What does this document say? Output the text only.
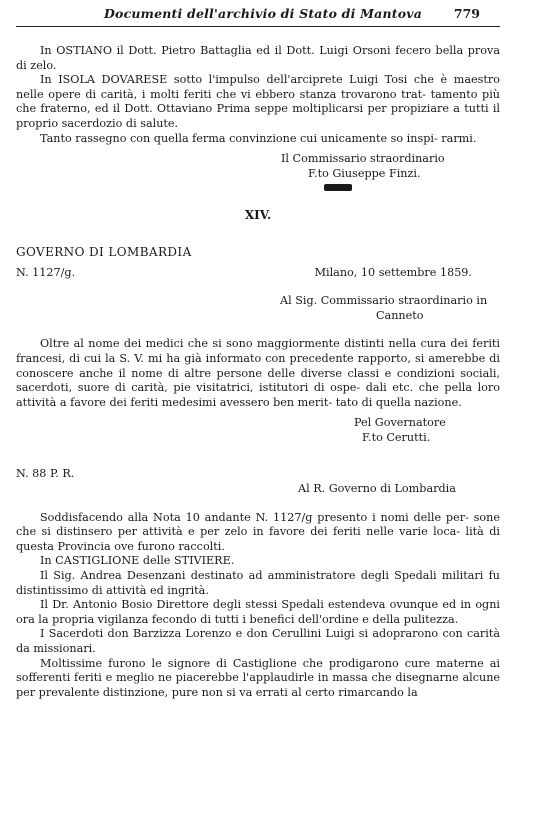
Documenti dell'archivio di Stato di Mantova	779

In OSTIANO il Dott. Pietro Battaglia ed il Dott. Luigi Orsoni fecero bella prova di zelo.

In ISOLA DOVARESE sotto l'impulso dell'arciprete Luigi Tosi che è maestro nelle opere di carità, i molti feriti che vi ebbero stanza trovarono trat- tamento più che fraterno, ed il Dott. Ottaviano Prima seppe moltiplicarsi per propiziare a tutti il proprio sacerdozio di salute.

Tanto rassegno con quella ferma convinzione cui unicamente so inspi- rarmi.

Il Commissario straordinario

F.to Giuseppe Finzi.

XIV.

GOVERNO DI LOMBARDIA

N. 1127/g.	Milano, 10 settembre 1859.

Al Sig. Commissario straordinario in

Canneto

Oltre al nome dei medici che si sono maggiormente distinti nella cura dei feriti francesi, di cui la S. V. mi ha già informato con precedente rapporto, si amerebbe di conoscere anche il nome di altre persone delle diverse classi e condizioni sociali, sacerdoti, suore di carità, pie visitatrici, istitutori di ospe- dali etc. che pella loro attività a favore dei feriti medesimi avessero ben merit- tato di quella nazione.

Pel Governatore

F.to Cerutti.

N. 88 P. R.

Al R. Governo di Lombardia

Soddisfacendo alla Nota 10 andante N. 1127/g presento i nomi delle per- sone che si distinsero per attività e per zelo in favore dei feriti nelle varie loca- lità di questa Provincia ove furono raccolti.

In CASTIGLIONE delle STIVIERE.

Il Sig. Andrea Desenzani destinato ad amministratore degli Spedali militari fu distintissimo di attività ed ingrità.

Il Dr. Antonio Bosio Direttore degli stessi Spedali estendeva ovunque ed in ogni ora la propria vigilanza fecondo di tutti i benefici dell'ordine e della pulitezza.

I Sacerdoti don Barzizza Lorenzo e don Cerullini Luigi si adoprarono con carità da missionari.

Moltissime furono le signore di Castiglione che prodigarono cure materne ai sofferenti feriti e meglio ne piacerebbe l'applaudirle in massa che disegnarne alcune per prevalente distinzione, pure non si va errati al certo rimarcando la
